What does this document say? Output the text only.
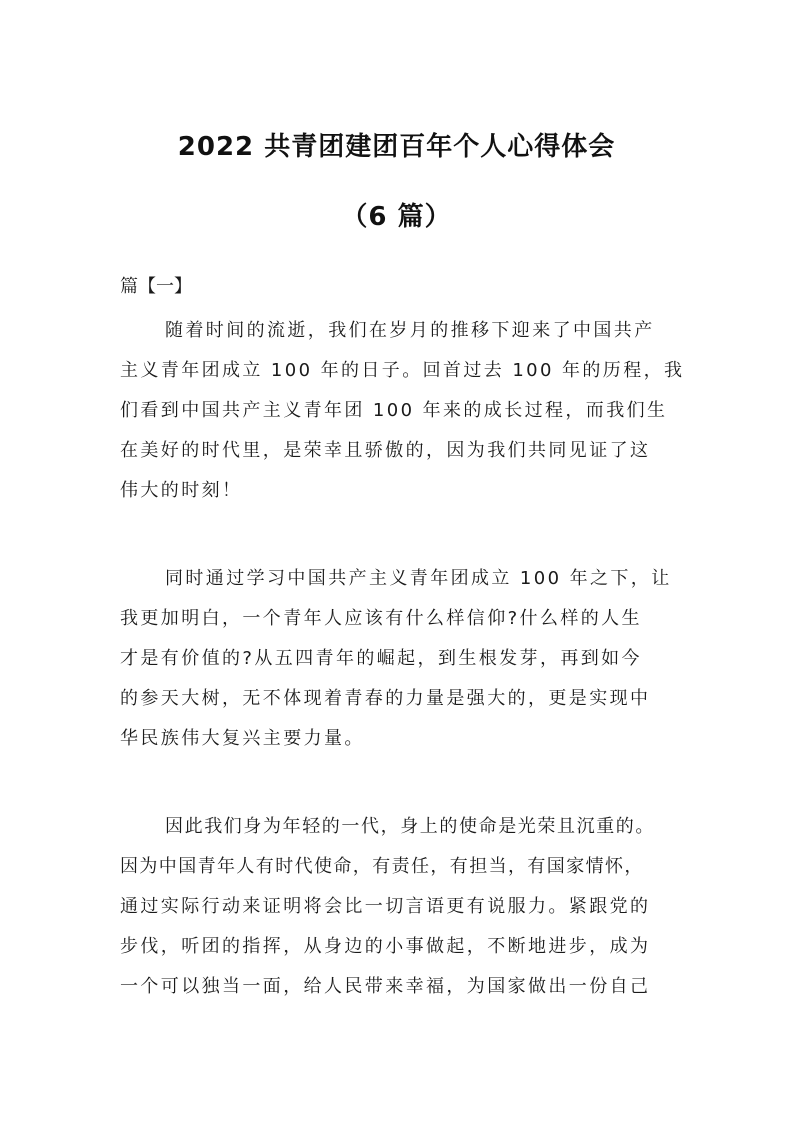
2022 共青团建团百年个人心得体会
（6 篇）
篇【一】
随着时间的流逝，我们在岁月的推移下迎来了中国共产
主义青年团成立 100 年的日子。回首过去 100 年的历程，我
们看到中国共产主义青年团 100 年来的成长过程，而我们生
在美好的时代里，是荣幸且骄傲的，因为我们共同见证了这
伟大的时刻！
同时通过学习中国共产主义青年团成立 100 年之下，让
我更加明白，一个青年人应该有什么样信仰?什么样的人生
才是有价值的?从五四青年的崛起，到生根发芽，再到如今
的参天大树，无不体现着青春的力量是强大的，更是实现中
华民族伟大复兴主要力量。
因此我们身为年轻的一代，身上的使命是光荣且沉重的。
因为中国青年人有时代使命，有责任，有担当，有国家情怀，
通过实际行动来证明将会比一切言语更有说服力。紧跟党的
步伐，听团的指挥，从身边的小事做起，不断地进步，成为
一个可以独当一面，给人民带来幸福，为国家做出一份自己
